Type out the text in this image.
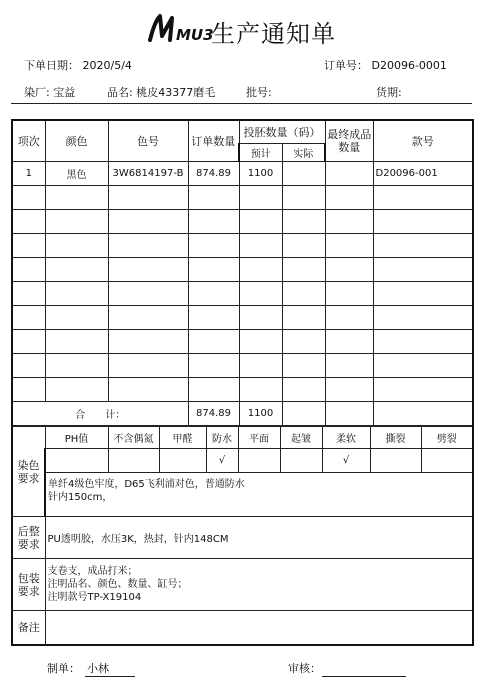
MU3
生产通知单
下单日期： 2020/5/4	订单号： D20096-0001
染厂: 宝益	品名: 桃皮43377磨毛	批号:	货期:
项次	颜色	色号	订单数量	投胚数量（码）		最终成品数量	款号
				预计	实际		
1	黑色	3W6814197-B	874.89	1100			D20096-001

合　　计：			874.89	1100			
染色要求	PH值	不含偶氮	甲醛	防水	平面	起皱	柔软	撕裂	劈裂
				√			√		

	单纤4级色牢度，D65飞利浦对色，普通防水
针内150cm，								

后整要求	PU透明胶，水压3K，热封，针内148CM								
包装要求	支卷支，成品打米；
注明品名、颜色、数量、缸号；
注明款号TP-X19104								

备注									
制单： 小林	审核：
